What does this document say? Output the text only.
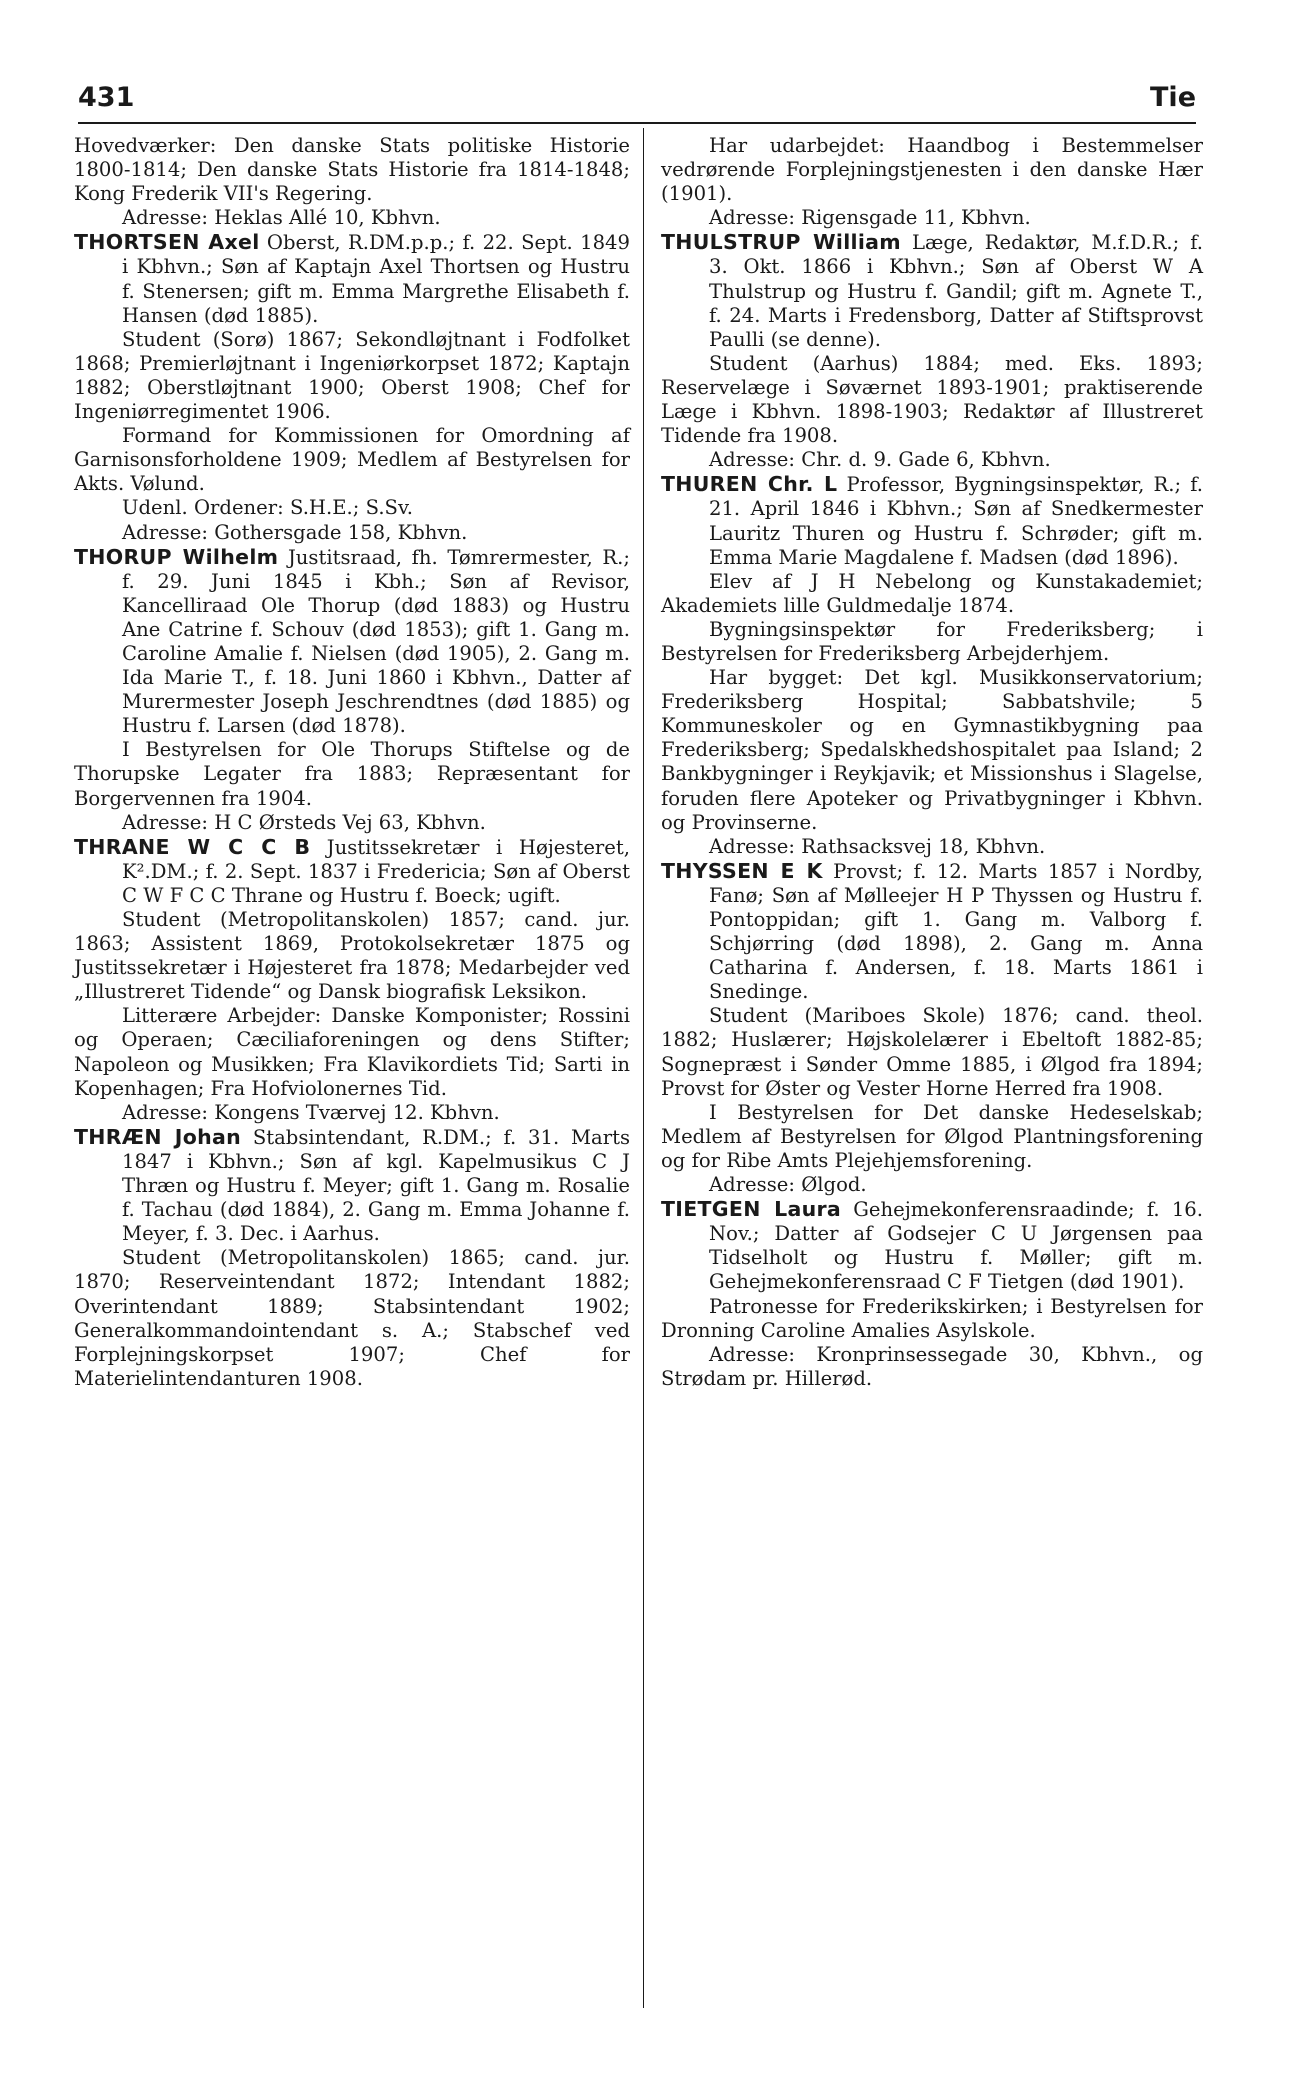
431	Tie

Hovedværker: Den danske Stats politiske Historie 1800-1814; Den danske Stats Historie fra 1814-1848; Kong Frederik VII's Regering.

Adresse: Heklas Allé 10, Kbhvn.

THORTSEN Axel Oberst, R.DM.p.p.; f. 22. Sept. 1849 i Kbhvn.; Søn af Kaptajn Axel Thortsen og Hustru f. Stenersen; gift m. Emma Margrethe Elisabeth f. Hansen (død 1885).

Student (Sorø) 1867; Sekondløjtnant i Fodfolket 1868; Premierløjtnant i Ingeniørkorpset 1872; Kaptajn 1882; Oberstløjtnant 1900; Oberst 1908; Chef for Ingeniørregimentet 1906.

Formand for Kommissionen for Omordning af Garnisonsforholdene 1909; Medlem af Bestyrelsen for Akts. Vølund.

Udenl. Ordener: S.H.E.; S.Sv.

Adresse: Gothersgade 158, Kbhvn.

THORUP Wilhelm Justitsraad, fh. Tømrermester, R.; f. 29. Juni 1845 i Kbh.; Søn af Revisor, Kancelliraad Ole Thorup (død 1883) og Hustru Ane Catrine f. Schouv (død 1853); gift 1. Gang m. Caroline Amalie f. Nielsen (død 1905), 2. Gang m. Ida Marie T., f. 18. Juni 1860 i Kbhvn., Datter af Murermester Joseph Jeschrendtnes (død 1885) og Hustru f. Larsen (død 1878).

I Bestyrelsen for Ole Thorups Stiftelse og de Thorupske Legater fra 1883; Repræsentant for Borgervennen fra 1904.

Adresse: H C Ørsteds Vej 63, Kbhvn.

THRANE W C C B Justitssekretær i Højesteret, K².DM.; f. 2. Sept. 1837 i Fredericia; Søn af Oberst C W F C C Thrane og Hustru f. Boeck; ugift.

Student (Metropolitanskolen) 1857; cand. jur. 1863; Assistent 1869, Protokolsekretær 1875 og Justitssekretær i Højesteret fra 1878; Medarbejder ved „Illustreret Tidende“ og Dansk biografisk Leksikon.

Litterære Arbejder: Danske Komponister; Rossini og Operaen; Cæciliaforeningen og dens Stifter; Napoleon og Musikken; Fra Klavikordiets Tid; Sarti in Kopenhagen; Fra Hofviolonernes Tid.

Adresse: Kongens Tværvej 12. Kbhvn.

THRÆN Johan Stabsintendant, R.DM.; f. 31. Marts 1847 i Kbhvn.; Søn af kgl. Kapelmusikus C J Thræn og Hustru f. Meyer; gift 1. Gang m. Rosalie f. Tachau (død 1884), 2. Gang m. Emma Johanne f. Meyer, f. 3. Dec. i Aarhus.

Student (Metropolitanskolen) 1865; cand. jur. 1870; Reserveintendant 1872; Intendant 1882; Overintendant 1889; Stabsintendant 1902; Generalkommandointendant s. A.; Stabschef ved Forplejningskorpset 1907; Chef for Materielintendanturen 1908.

Har udarbejdet: Haandbog i Bestemmelser vedrørende Forplejningstjenesten i den danske Hær (1901).

Adresse: Rigensgade 11, Kbhvn.

THULSTRUP William Læge, Redaktør, M.f.D.R.; f. 3. Okt. 1866 i Kbhvn.; Søn af Oberst W A Thulstrup og Hustru f. Gandil; gift m. Agnete T., f. 24. Marts i Fredensborg, Datter af Stiftsprovst Paulli (se denne).

Student (Aarhus) 1884; med. Eks. 1893; Reservelæge i Søværnet 1893-1901; praktiserende Læge i Kbhvn. 1898-1903; Redaktør af Illustreret Tidende fra 1908.

Adresse: Chr. d. 9. Gade 6, Kbhvn.

THUREN Chr. L Professor, Bygningsinspektør, R.; f. 21. April 1846 i Kbhvn.; Søn af Snedkermester Lauritz Thuren og Hustru f. Schrøder; gift m. Emma Marie Magdalene f. Madsen (død 1896).

Elev af J H Nebelong og Kunstakademiet; Akademiets lille Guldmedalje 1874.

Bygningsinspektør for Frederiksberg; i Bestyrelsen for Frederiksberg Arbejderhjem.

Har bygget: Det kgl. Musikkonservatorium; Frederiksberg Hospital; Sabbatshvile; 5 Kommuneskoler og en Gymnastikbygning paa Frederiksberg; Spedalskhedshospitalet paa Island; 2 Bankbygninger i Reykjavik; et Missionshus i Slagelse, foruden flere Apoteker og Privatbygninger i Kbhvn. og Provinserne.

Adresse: Rathsacksvej 18, Kbhvn.

THYSSEN E K Provst; f. 12. Marts 1857 i Nordby, Fanø; Søn af Mølleejer H P Thyssen og Hustru f. Pontoppidan; gift 1. Gang m. Valborg f. Schjørring (død 1898), 2. Gang m. Anna Catharina f. Andersen, f. 18. Marts 1861 i Snedinge.

Student (Mariboes Skole) 1876; cand. theol. 1882; Huslærer; Højskolelærer i Ebeltoft 1882-85; Sognepræst i Sønder Omme 1885, i Ølgod fra 1894; Provst for Øster og Vester Horne Herred fra 1908.

I Bestyrelsen for Det danske Hedeselskab; Medlem af Bestyrelsen for Ølgod Plantningsforening og for Ribe Amts Plejehjemsforening.

Adresse: Ølgod.

TIETGEN Laura Gehejmekonferensraadinde; f. 16. Nov.; Datter af Godsejer C U Jørgensen paa Tidselholt og Hustru f. Møller; gift m. Gehejmekonferensraad C F Tietgen (død 1901).

Patronesse for Frederikskirken; i Bestyrelsen for Dronning Caroline Amalies Asylskole.

Adresse: Kronprinsessegade 30, Kbhvn., og Strødam pr. Hillerød.
